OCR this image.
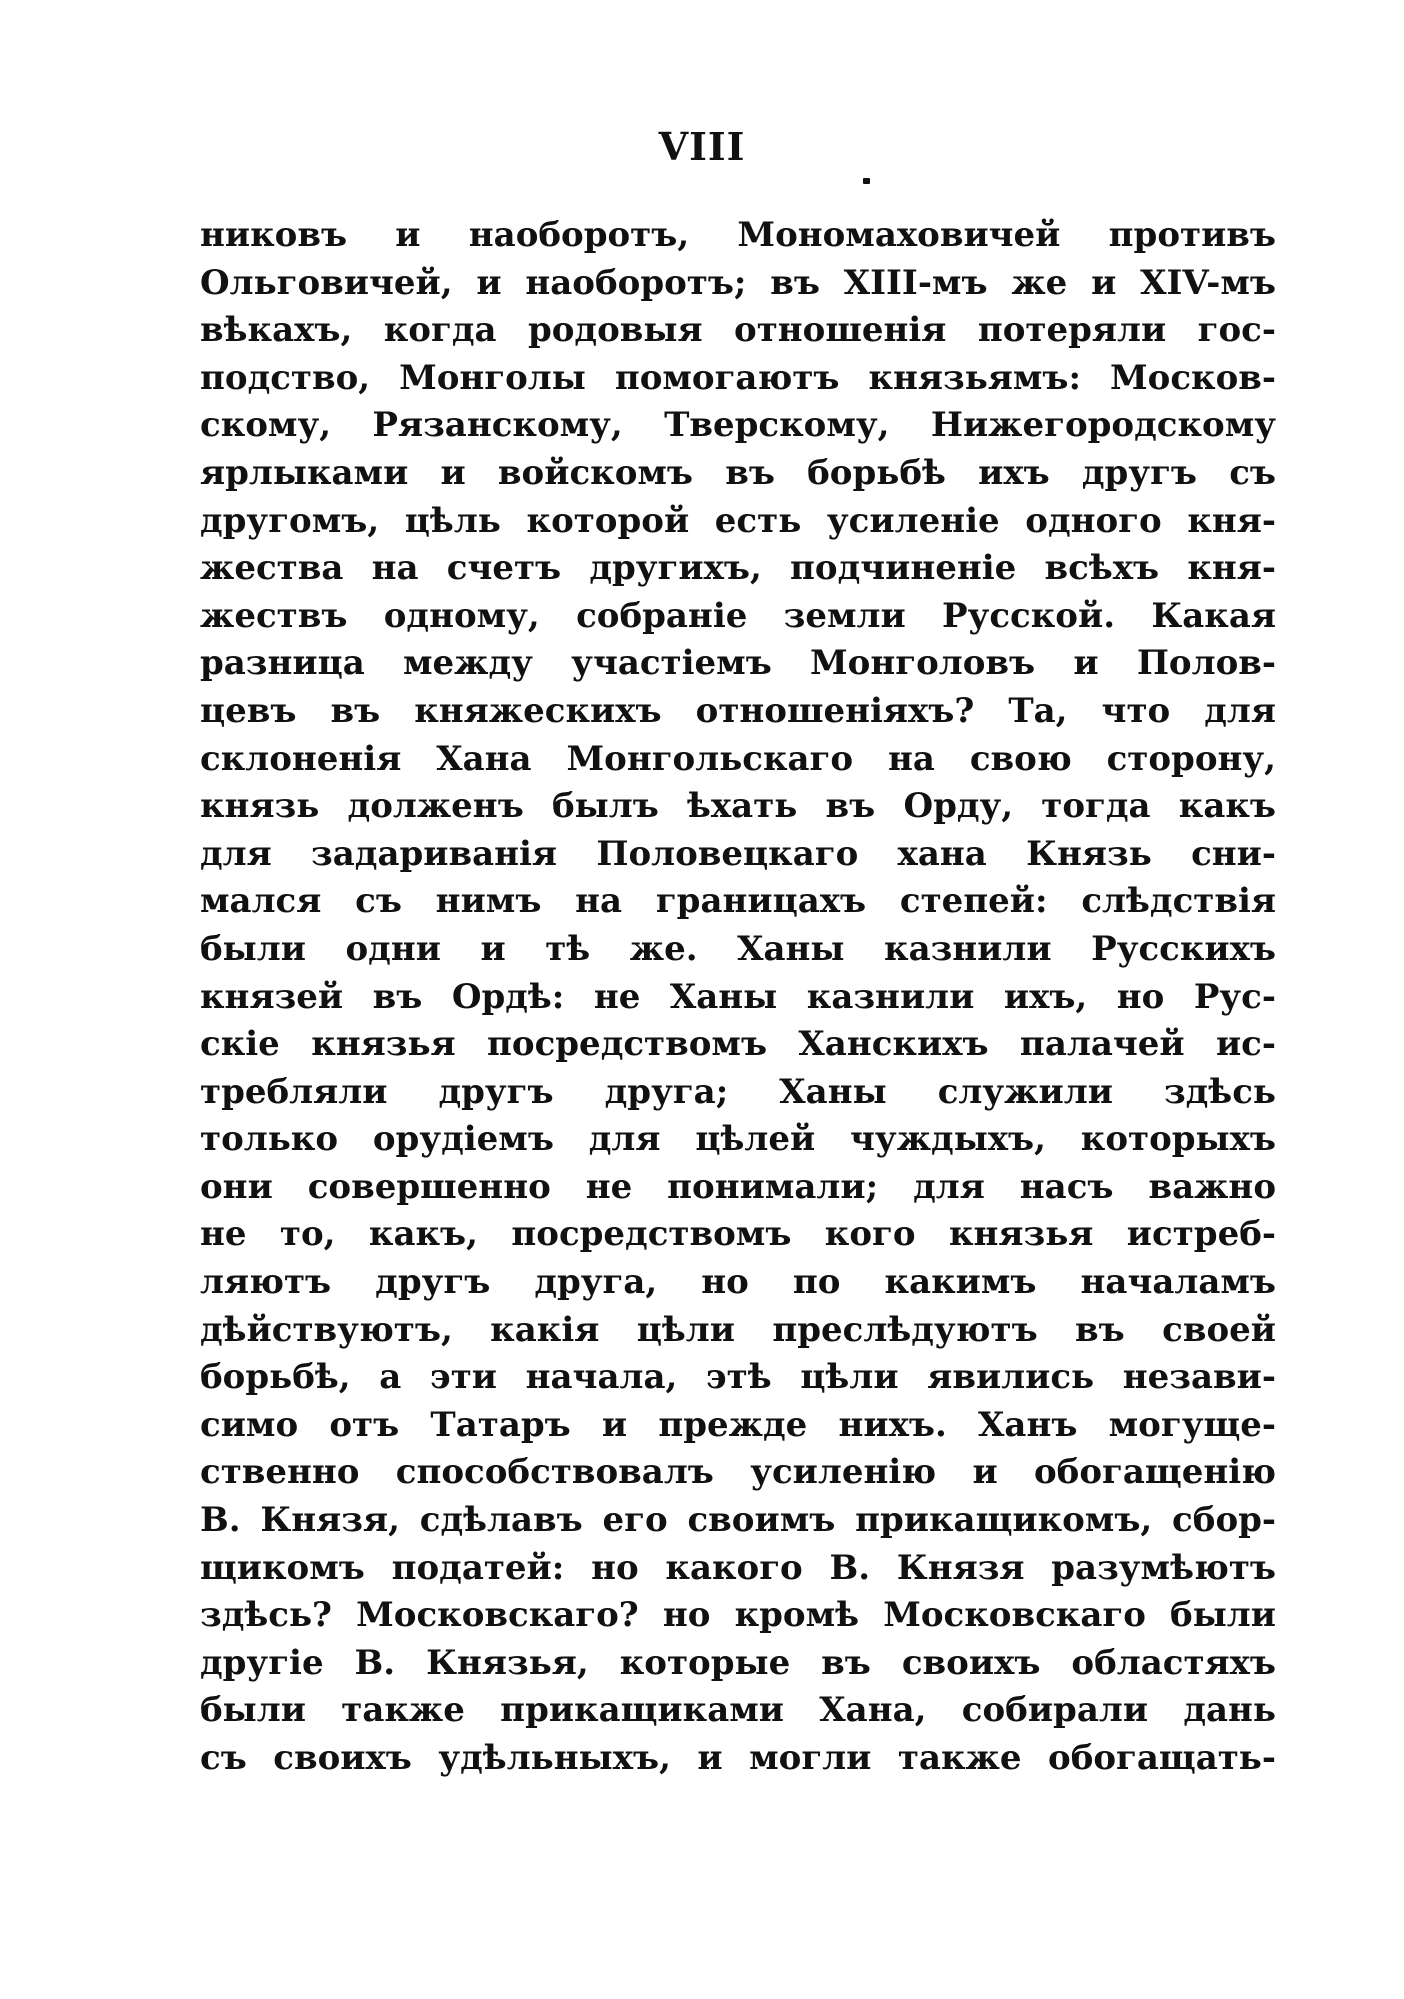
VIII
никовъ и наоборотъ, Мономаховичей противъ
Ольговичей, и наоборотъ; въ XIII-мъ же и XIV-мъ
вѣкахъ, когда родовыя отношенія потеряли гос-
подство, Монголы помогаютъ князьямъ: Москов-
скому, Рязанскому, Тверскому, Нижегородскому
ярлыками и войскомъ въ борьбѣ ихъ другъ съ
другомъ, цѣль которой есть усиленіе одного кня-
жества на счетъ другихъ, подчиненіе всѣхъ кня-
жествъ одному, собраніе земли Русской. Какая
разница между участіемъ Монголовъ и Полов-
цевъ въ княжескихъ отношеніяхъ? Та, что для
склоненія Хана Монгольскаго на свою сторону,
князь долженъ былъ ѣхать въ Орду, тогда какъ
для задариванія Половецкаго хана Князь сни-
мался съ нимъ на границахъ степей: слѣдствія
были одни и тѣ же. Ханы казнили Русскихъ
князей въ Ордѣ: не Ханы казнили ихъ, но Рус-
скіе князья посредствомъ Ханскихъ палачей ис-
требляли другъ друга; Ханы служили здѣсь
только орудіемъ для цѣлей чуждыхъ, которыхъ
они совершенно не понимали; для насъ важно
не то, какъ, посредствомъ кого князья истреб-
ляютъ другъ друга, но по какимъ началамъ
дѣйствуютъ, какія цѣли преслѣдуютъ въ своей
борьбѣ, а эти начала, этѣ цѣли явились незави-
симо отъ Татаръ и прежде нихъ. Ханъ могуще-
ственно способствовалъ усиленію и обогащенію
В. Князя, сдѣлавъ его своимъ прикащикомъ, сбор-
щикомъ податей: но какого В. Князя разумѣютъ
здѣсь? Московскаго? но кромѣ Московскаго были
другіе В. Князья, которые въ своихъ областяхъ
были также прикащиками Хана, собирали дань
съ своихъ удѣльныхъ, и могли также обогащать-
